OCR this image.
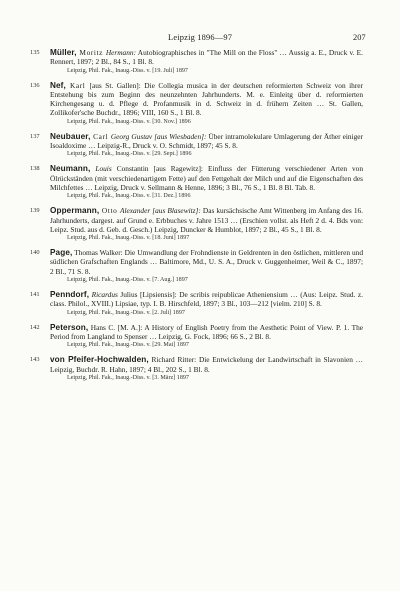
Leipzig 1896—97	207
135 Müller, Moritz Hermann: Autobiographisches in "The Mill on the Floss" … Aussig a. E., Druck v. E. Rennert, 1897; 2 Bl., 84 S., 1 Bl. 8.

Leipzig, Phil. Fak., Inaug.-Diss. v. [19. Juli] 1897
136 Nef, Karl [aus St. Gallen]: Die Collegia musica in der deutschen reformierten Schweiz von ihrer Entstehung bis zum Beginn des neunzehnten Jahrhunderts. M. e. Einleitg über d. reformierten Kirchengesang u. d. Pflege d. Profanmusik in d. Schweiz in d. frühern Zeiten … St. Gallen, Zollikofer'sche Buchdr., 1896; VIII, 160 S., 1 Bl. 8.

Leipzig, Phil. Fak., Inaug.-Diss. v. [30. Nov.] 1896
137 Neubauer, Carl Georg Gustav [aus Wiesbaden]: Über intramolekulare Umlagerung der Äther einiger Isoaldoxime … Leipzig-R., Druck v. O. Schmidt, 1897; 45 S. 8.

Leipzig, Phil. Fak., Inaug.-Diss. v. [29. Sept.] 1896
138 Neumann, Louis Constantin [aus Ragewitz]: Einfluss der Fütterung verschiedener Arten von Ölrückständen (mit verschiedenartigem Fette) auf den Fettgehalt der Milch und auf die Eigenschaften des Milchfettes … Leipzig, Druck v. Sellmann & Henne, 1896; 3 Bl., 76 S., 1 Bl. 8 Bl. Tab. 8.

Leipzig, Phil. Fak., Inaug.-Diss. v. [31. Dez.] 1896
139 Oppermann, Otto Alexander [aus Blasewitz]: Das kursächsische Amt Wittenberg im Anfang des 16. Jahrhunderts, dargest. auf Grund e. Erbbuches v. Jahre 1513 … (Erschien vollst. als Heft 2 d. 4. Bds von: Leipz. Stud. aus d. Geb. d. Gesch.) Leipzig, Duncker & Humblot, 1897; 2 Bl., 45 S., 1 Bl. 8.

Leipzig, Phil. Fak., Inaug.-Diss. v. [18. Juni] 1897
140 Page, Thomas Walker: Die Umwandlung der Frohndienste in Geldrenten in den östlichen, mittleren und südlichen Grafschaften Englands … Baltimore, Md., U. S. A., Druck v. Guggenheimer, Weil & C., 1897; 2 Bl., 71 S. 8.

Leipzig, Phil. Fak., Inaug.-Diss. v. [7. Aug.] 1897
141 Penndorf, Ricardus Julius [Lipsiensis]: De scribis reipublicae Atheniensium … (Aus: Leipz. Stud. z. class. Philol., XVIII.) Lipsiae, typ. I. B. Hirschfeld, 1897; 3 Bl., 103—212 [vielm. 210] S. 8.

Leipzig, Phil. Fak., Inaug.-Diss. v. [2. Juli] 1897
142 Peterson, Hans C. [M. A.]: A History of English Poetry from the Aesthetic Point of View. P. 1. The Period from Langland to Spenser … Leipzig, G. Fock, 1896; 66 S., 2 Bl. 8.

Leipzig, Phil. Fak., Inaug.-Diss. v. [29. Mai] 1897
143 von Pfeifer-Hochwalden, Richard Ritter: Die Entwickelung der Landwirtschaft in Slavonien … Leipzig, Buchdr. R. Hahn, 1897; 4 Bl., 202 S., 1 Bl. 8.

Leipzig, Phil. Fak., Inaug.-Diss. v. [3. März] 1897
